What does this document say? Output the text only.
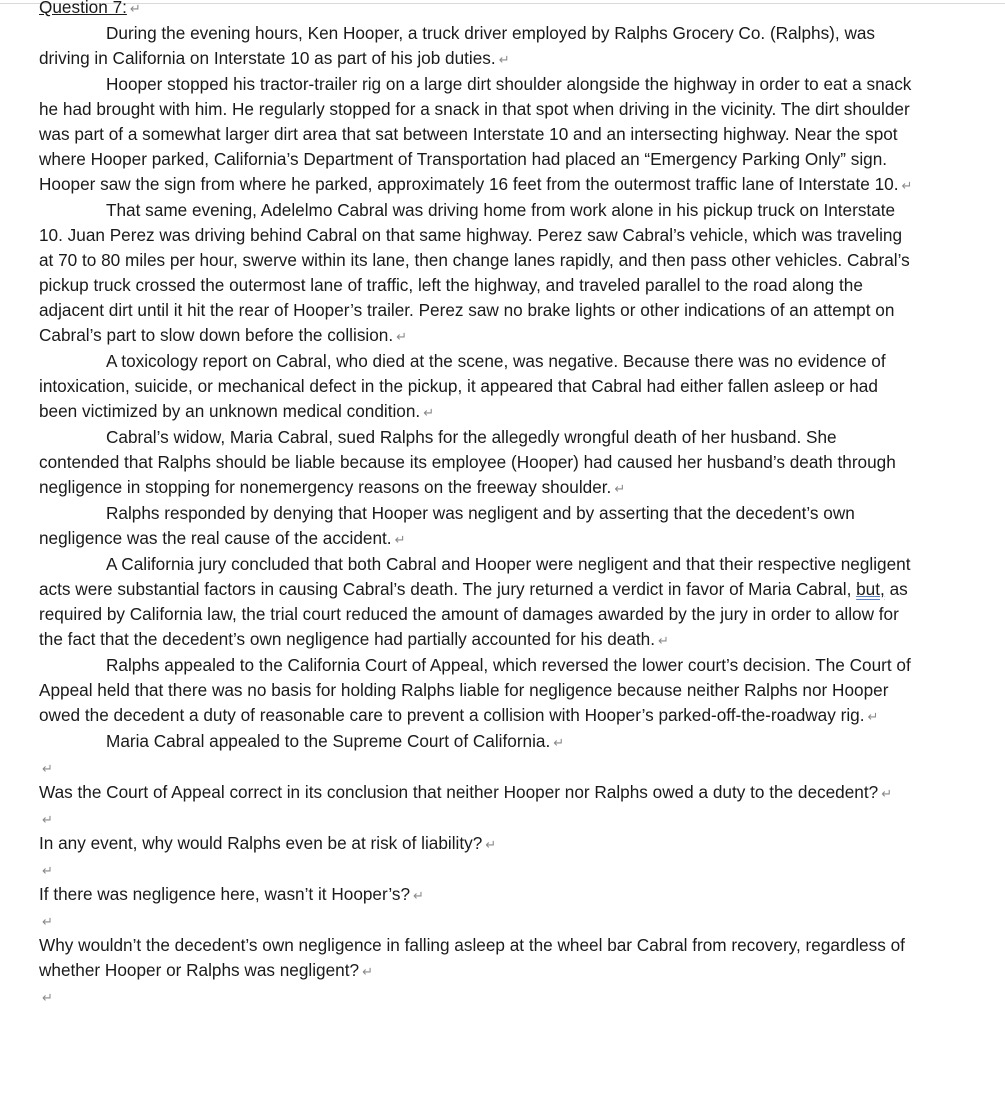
Question 7: ↵

During the evening hours, Ken Hooper, a truck driver employed by Ralphs Grocery Co. (Ralphs), was driving in California on Interstate 10 as part of his job duties. ↵

Hooper stopped his tractor-trailer rig on a large dirt shoulder alongside the highway in order to eat a snack he had brought with him. He regularly stopped for a snack in that spot when driving in the vicinity. The dirt shoulder was part of a somewhat larger dirt area that sat between Interstate 10 and an intersecting highway. Near the spot where Hooper parked, California’s Department of Transportation had placed an “Emergency Parking Only” sign. Hooper saw the sign from where he parked, approximately 16 feet from the outermost traffic lane of Interstate 10. ↵

That same evening, Adelelmo Cabral was driving home from work alone in his pickup truck on Interstate 10. Juan Perez was driving behind Cabral on that same highway. Perez saw Cabral’s vehicle, which was traveling at 70 to 80 miles per hour, swerve within its lane, then change lanes rapidly, and then pass other vehicles. Cabral’s pickup truck crossed the outermost lane of traffic, left the highway, and traveled parallel to the road along the adjacent dirt until it hit the rear of Hooper’s trailer. Perez saw no brake lights or other indications of an attempt on Cabral’s part to slow down before the collision. ↵

A toxicology report on Cabral, who died at the scene, was negative. Because there was no evidence of intoxication, suicide, or mechanical defect in the pickup, it appeared that Cabral had either fallen asleep or had been victimized by an unknown medical condition. ↵

Cabral’s widow, Maria Cabral, sued Ralphs for the allegedly wrongful death of her husband. She contended that Ralphs should be liable because its employee (Hooper) had caused her husband’s death through negligence in stopping for nonemergency reasons on the freeway shoulder. ↵

Ralphs responded by denying that Hooper was negligent and by asserting that the decedent’s own negligence was the real cause of the accident. ↵

A California jury concluded that both Cabral and Hooper were negligent and that their respective negligent acts were substantial factors in causing Cabral’s death. The jury returned a verdict in favor of Maria Cabral, but, as required by California law, the trial court reduced the amount of damages awarded by the jury in order to allow for the fact that the decedent’s own negligence had partially accounted for his death. ↵

Ralphs appealed to the California Court of Appeal, which reversed the lower court’s decision. The Court of Appeal held that there was no basis for holding Ralphs liable for negligence because neither Ralphs nor Hooper owed the decedent a duty of reasonable care to prevent a collision with Hooper’s parked-off-the-roadway rig. ↵

Maria Cabral appealed to the Supreme Court of California. ↵

↵

Was the Court of Appeal correct in its conclusion that neither Hooper nor Ralphs owed a duty to the decedent? ↵

↵

In any event, why would Ralphs even be at risk of liability? ↵

↵

If there was negligence here, wasn’t it Hooper’s? ↵

↵

Why wouldn’t the decedent’s own negligence in falling asleep at the wheel bar Cabral from recovery, regardless of whether Hooper or Ralphs was negligent? ↵

↵
